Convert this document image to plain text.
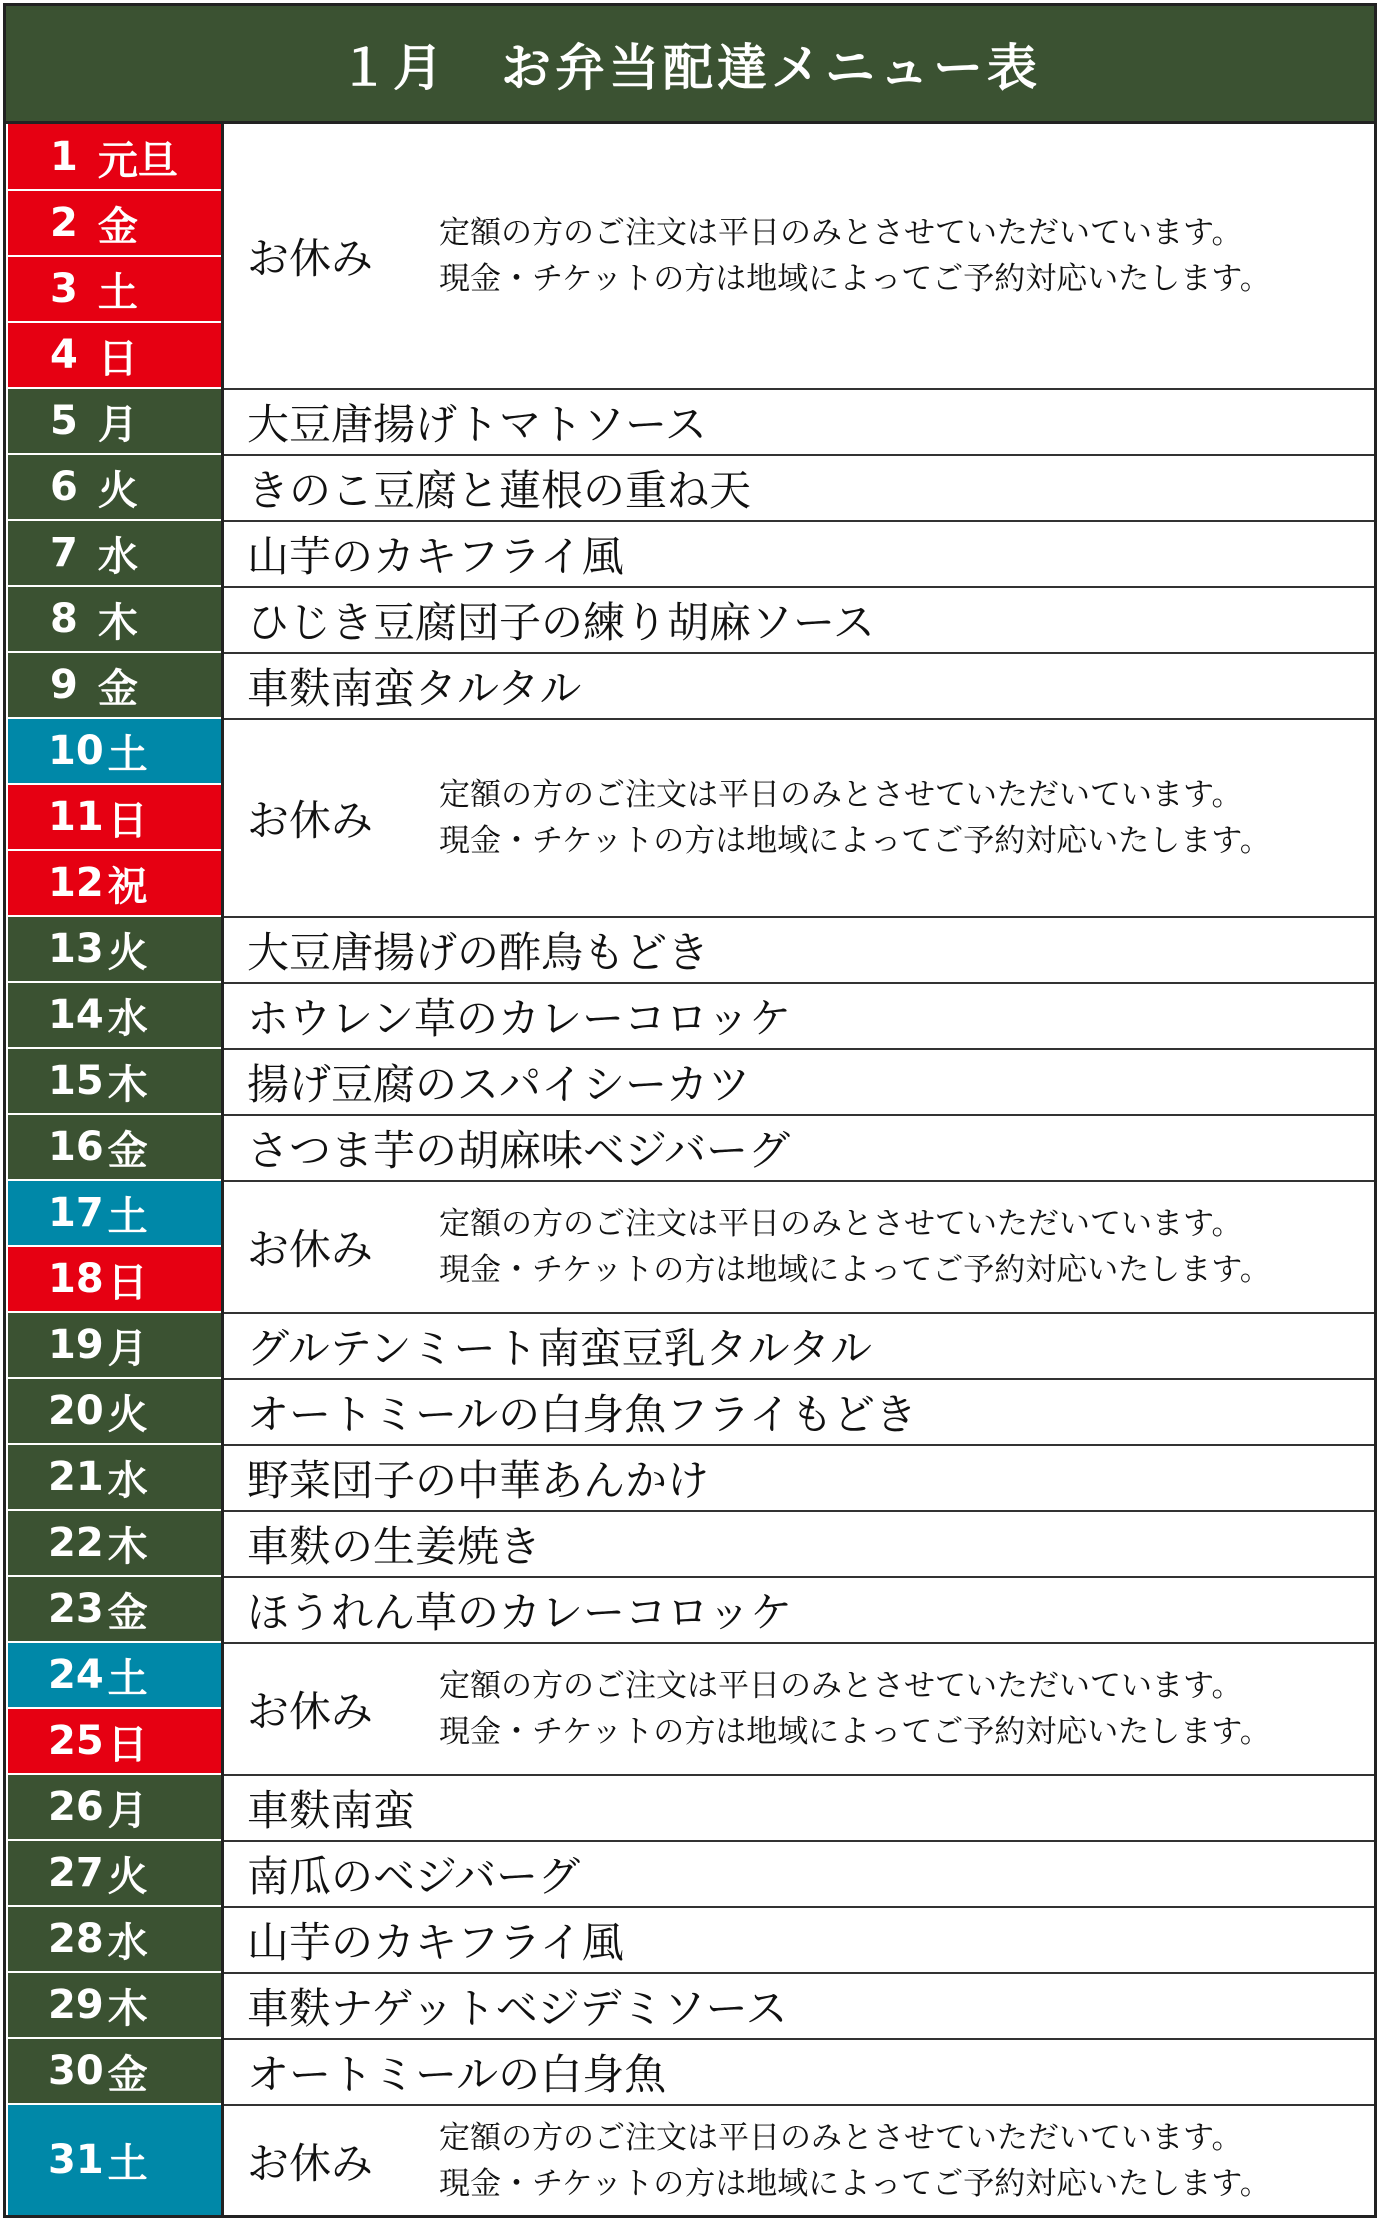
１月　お弁当配達メニュー表
1 元旦
2 金
3 土
4 日
5 月
6 火
7 水
8 木
9 金
10 土
11 日
12 祝
13 火
14 水
15 木
16 金
17 土
18 日
19 月
20 火
21 水
22 木
23 金
24 土
25 日
26 月
27 火
28 水
29 木
30 金
31 土
お休み
定額の方のご注文は平日のみとさせていただいています。
現金・チケットの方は地域によってご予約対応いたします。
大豆唐揚げトマトソース
きのこ豆腐と蓮根の重ね天
山芋のカキフライ風
ひじき豆腐団子の練り胡麻ソース
車麩南蛮タルタル
お休み
定額の方のご注文は平日のみとさせていただいています。
現金・チケットの方は地域によってご予約対応いたします。
大豆唐揚げの酢鳥もどき
ホウレン草のカレーコロッケ
揚げ豆腐のスパイシーカツ
さつま芋の胡麻味ベジバーグ
お休み
定額の方のご注文は平日のみとさせていただいています。
現金・チケットの方は地域によってご予約対応いたします。
グルテンミート南蛮豆乳タルタル
オートミールの白身魚フライもどき
野菜団子の中華あんかけ
車麩の生姜焼き
ほうれん草のカレーコロッケ
お休み
定額の方のご注文は平日のみとさせていただいています。
現金・チケットの方は地域によってご予約対応いたします。
車麩南蛮
南瓜のベジバーグ
山芋のカキフライ風
車麩ナゲットベジデミソース
オートミールの白身魚
お休み
定額の方のご注文は平日のみとさせていただいています。
現金・チケットの方は地域によってご予約対応いたします。
